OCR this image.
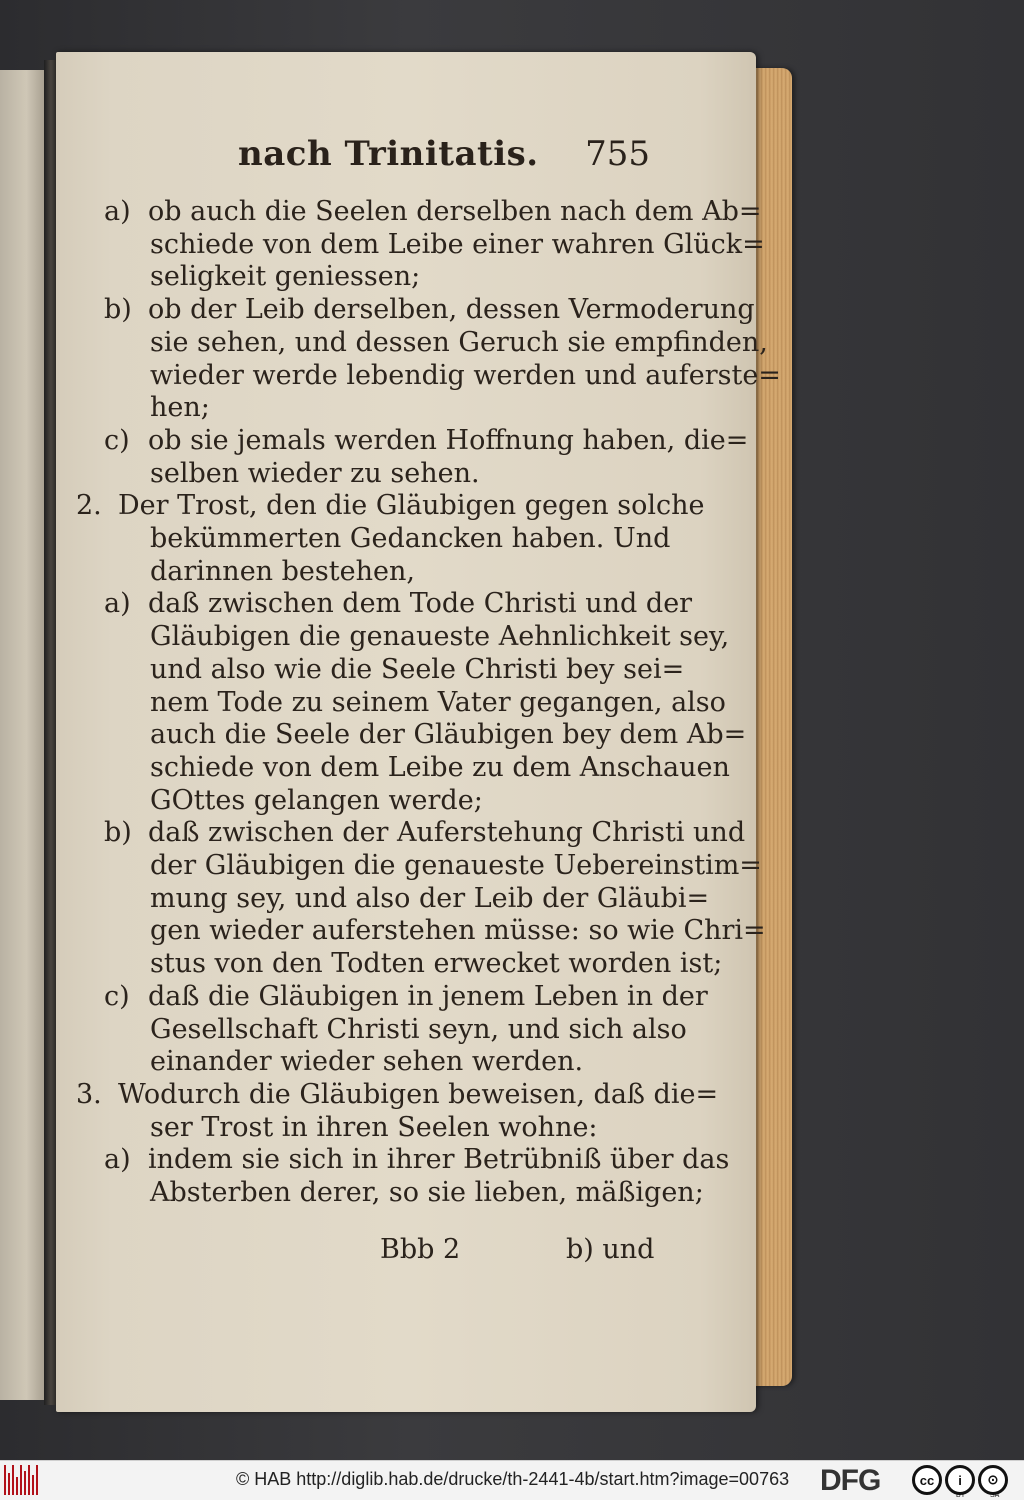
nach Trinitatis. 755
a) ob auch die Seelen derselben nach dem Ab=
schiede von dem Leibe einer wahren Glück=
seligkeit geniessen;
b) ob der Leib derselben, dessen Vermoderung
sie sehen, und dessen Geruch sie empfinden,
wieder werde lebendig werden und auferste=
hen;
c) ob sie jemals werden Hoffnung haben, die=
selben wieder zu sehen.
2. Der Trost, den die Gläubigen gegen solche
bekümmerten Gedancken haben. Und
darinnen bestehen,
a) daß zwischen dem Tode Christi und der
Gläubigen die genaueste Aehnlichkeit sey,
und also wie die Seele Christi bey sei=
nem Tode zu seinem Vater gegangen, also
auch die Seele der Gläubigen bey dem Ab=
schiede von dem Leibe zu dem Anschauen
GOttes gelangen werde;
b) daß zwischen der Auferstehung Christi und
der Gläubigen die genaueste Uebereinstim=
mung sey, und also der Leib der Gläubi=
gen wieder auferstehen müsse: so wie Chri=
stus von den Todten erwecket worden ist;
c) daß die Gläubigen in jenem Leben in der
Gesellschaft Christi seyn, und sich also
einander wieder sehen werden.
3. Wodurch die Gläubigen beweisen, daß die=
ser Trost in ihren Seelen wohne:
a) indem sie sich in ihrer Betrübniß über das
Absterben derer, so sie lieben, mäßigen;
Bbb 2	b) und
© HAB http://diglib.hab.de/drucke/th-2441-4b/start.htm?image=00763 DFG	cc	i	⊙
BY	SA
